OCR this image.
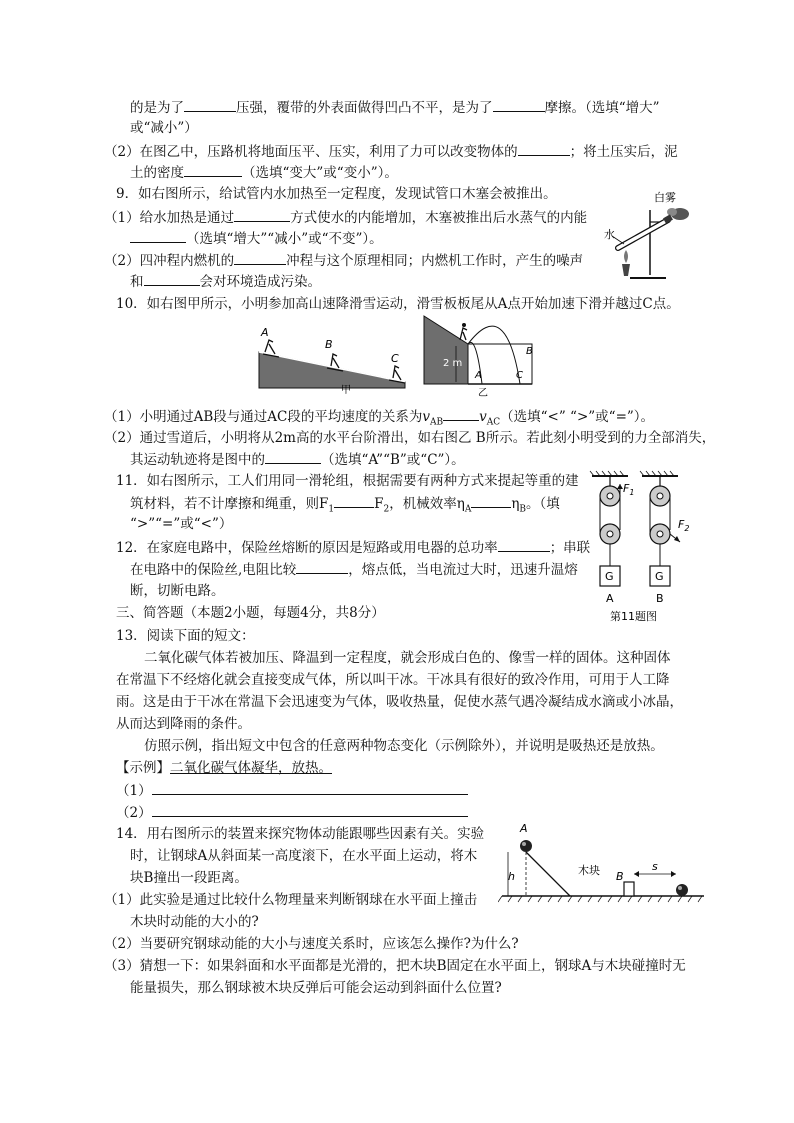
的是为了	压强，覆带的外表面做得凹凸不平，是为了	摩擦。（选填“增大”
或“减小”）
（2）在图乙中，压路机将地面压平、压实，利用了力可以改变物体的	；将土压实后，泥
土的密度	（选填“变大”或“变小”）。
9．如右图所示，给试管内水加热至一定程度，发现试管口木塞会被推出。
（1）给水加热是通过	方式使水的内能增加，木塞被推出后水蒸气的内能
（选填“增大”“减小”或“不变”）。
（2）四冲程内燃机的	冲程与这个原理相同；内燃机工作时，产生的噪声
和	会对环境造成污染。
白雾
水
10．如右图甲所示，小明参加高山速降滑雪运动，滑雪板板尾从A点开始加速下滑并越过C点。
A
B
C
甲
2 m
A
B
C
乙
（1）小明通过AB段与通过AC段的平均速度的关系为$v_{AB}$	$v_{AC}$（选填“<” “>”或“=”）。
（2）通过雪道后，小明将从2m高的水平台阶滑出，如右图乙 B所示。若此刻小明受到的力全部消失，
其运动轨迹将是图中的	（选填“A”“B”或“C”）。
11．如右图所示，工人们用同一滑轮组，根据需要有两种方式来提起等重的建
筑材料，若不计摩擦和绳重，则$F_1$	$F_2$，机械效率$\eta_A$	$\eta_B$。（填
“>”“=”或“<”）
$F_1$
G
A
$F_2$
G
B
第11题图
12．在家庭电路中，保险丝熔断的原因是短路或用电器的总功率	；串联
在电路中的保险丝,电阻比较	，熔点低，当电流过大时，迅速升温熔
断，切断电路。
三、简答题（本题2小题，每题4分，共8分）
13．阅读下面的短文：
二氧化碳气体若被加压、降温到一定程度，就会形成白色的、像雪一样的固体。这种固体
在常温下不经熔化就会直接变成气体，所以叫干冰。干冰具有很好的致冷作用，可用于人工降
雨。这是由于干冰在常温下会迅速变为气体，吸收热量，促使水蒸气遇冷凝结成水滴或小冰晶，
从而达到降雨的条件。
仿照示例，指出短文中包含的任意两种物态变化（示例除外），并说明是吸热还是放热。
【示例】二氧化碳气体凝华，放热。
（1）
（2）
14．用右图所示的装置来探究物体动能跟哪些因素有关。实验
时，让钢球A从斜面某一高度滚下，在水平面上运动，将木
块B撞出一段距离。
（1）此实验是通过比较什么物理量来判断钢球在水平面上撞击
木块时动能的大小的?
（2）当要研究钢球动能的大小与速度关系时，应该怎么操作?为什么?
（3）猜想一下：如果斜面和水平面都是光滑的，把木块B固定在水平面上，钢球A与木块碰撞时无
能量损失，那么钢球被木块反弹后可能会运动到斜面什么位置?
A
h	木块 B
s
